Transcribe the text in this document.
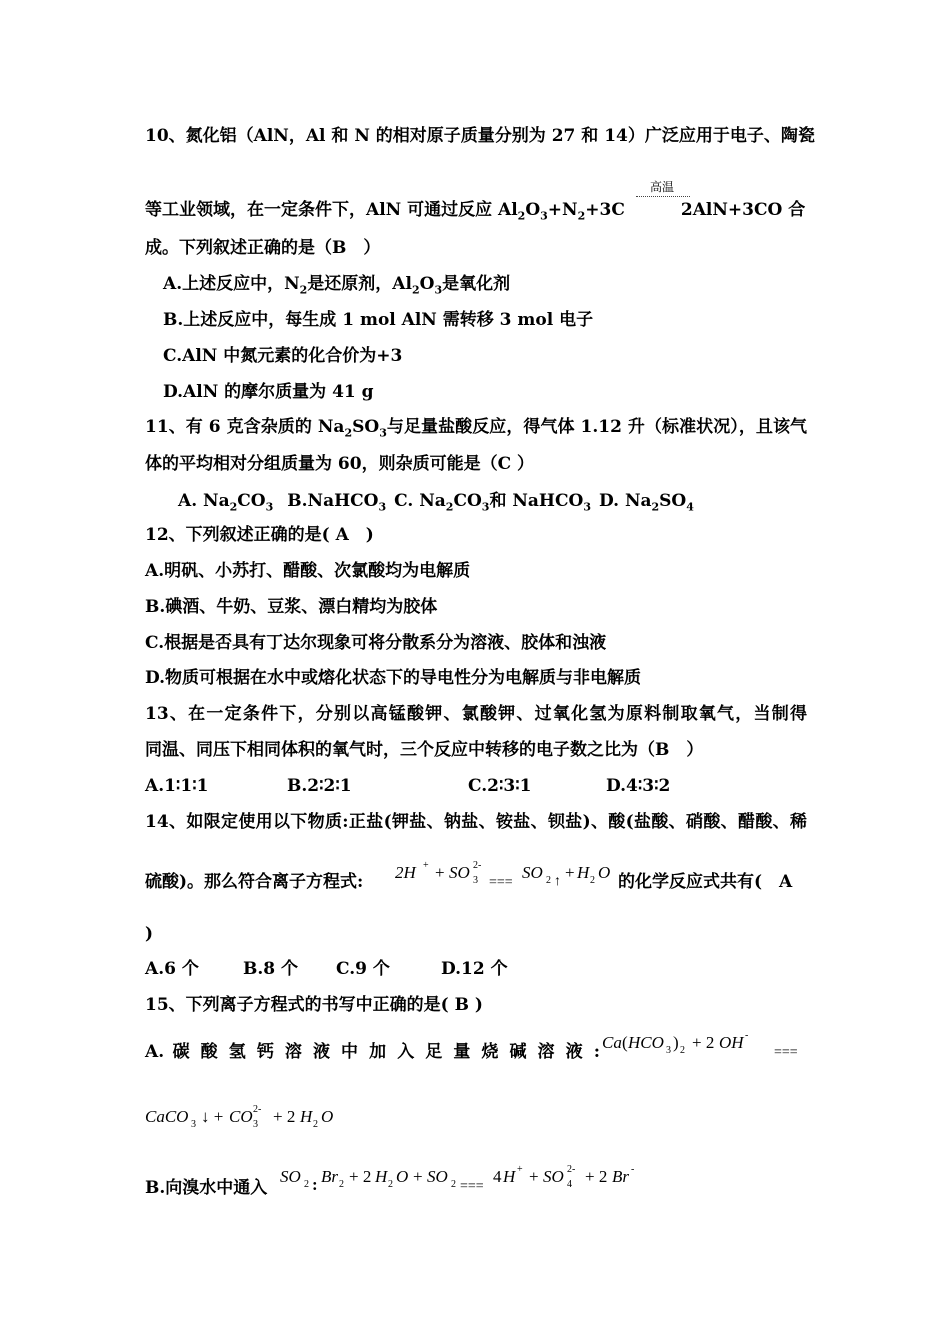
10、氮化铝（AlN，Al 和 N 的相对原子质量分别为 27 和 14）广泛应用于电子、陶瓷
高温
等工业领域，在一定条件下，AlN 可通过反应 $Al_2O_3+N_2+3C$	2AlN+3CO 合
成。下列叙述正确的是（B　）
A.上述反应中，$N_2$是还原剂，$Al_2O_3$是氧化剂
B.上述反应中，每生成 1 mol AlN 需转移 3 mol 电子
C.AlN 中氮元素的化合价为+3
D.AlN 的摩尔质量为 41 g
11、有 6 克含杂质的 $Na_2SO_3$与足量盐酸反应，得气体 1.12 升（标准状况），且该气
体的平均相对分组质量为 60，则杂质可能是（C ）
A. $Na_2CO_3$ B.NaHCO$_3$ C. $Na_2CO_3$和 NaHCO$_3$ D. $Na_2SO_4$
12、下列叙述正确的是( A　)
A.明矾、小苏打、醋酸、次氯酸均为电解质
B.碘酒、牛奶、豆浆、漂白精均为胶体
C.根据是否具有丁达尔现象可将分散系分为溶液、胶体和浊液
D.物质可根据在水中或熔化状态下的导电性分为电解质与非电解质
13、在一定条件下，分别以高锰酸钾、氯酸钾、过氧化氢为原料制取氧气，当制得
同温、同压下相同体积的氧气时，三个反应中转移的电子数之比为（B　）
A.1∶1∶1	B.2∶2∶1	C.2∶3∶1	D.4∶3∶2
14、如限定使用以下物质:正盐(钾盐、钠盐、铵盐、钡盐)、酸(盐酸、硝酸、醋酸、稀
硫酸)。那么符合离子方程式: 2H + + SO 3
2-
===
SO 2 ↑ + H 2 O 的化学反应式共有(　A
)
A.6 个	B.8 个 C.9 个	D.12 个
15、下列离子方程式的书写中正确的是( B )
A. 碳 酸 氢 钙 溶 液 中 加 入 足 量 烧 碱 溶 液 : Ca ( HCO 3 ) 2 + 2 OH -
===
CaCO 3 ↓ + CO 3
2- + 2 H 2 O
B.向溴水中通入
SO 2 : Br 2 + 2 H 2 O + SO 2 ===
4 H + + SO 4
2- + 2 Br -
